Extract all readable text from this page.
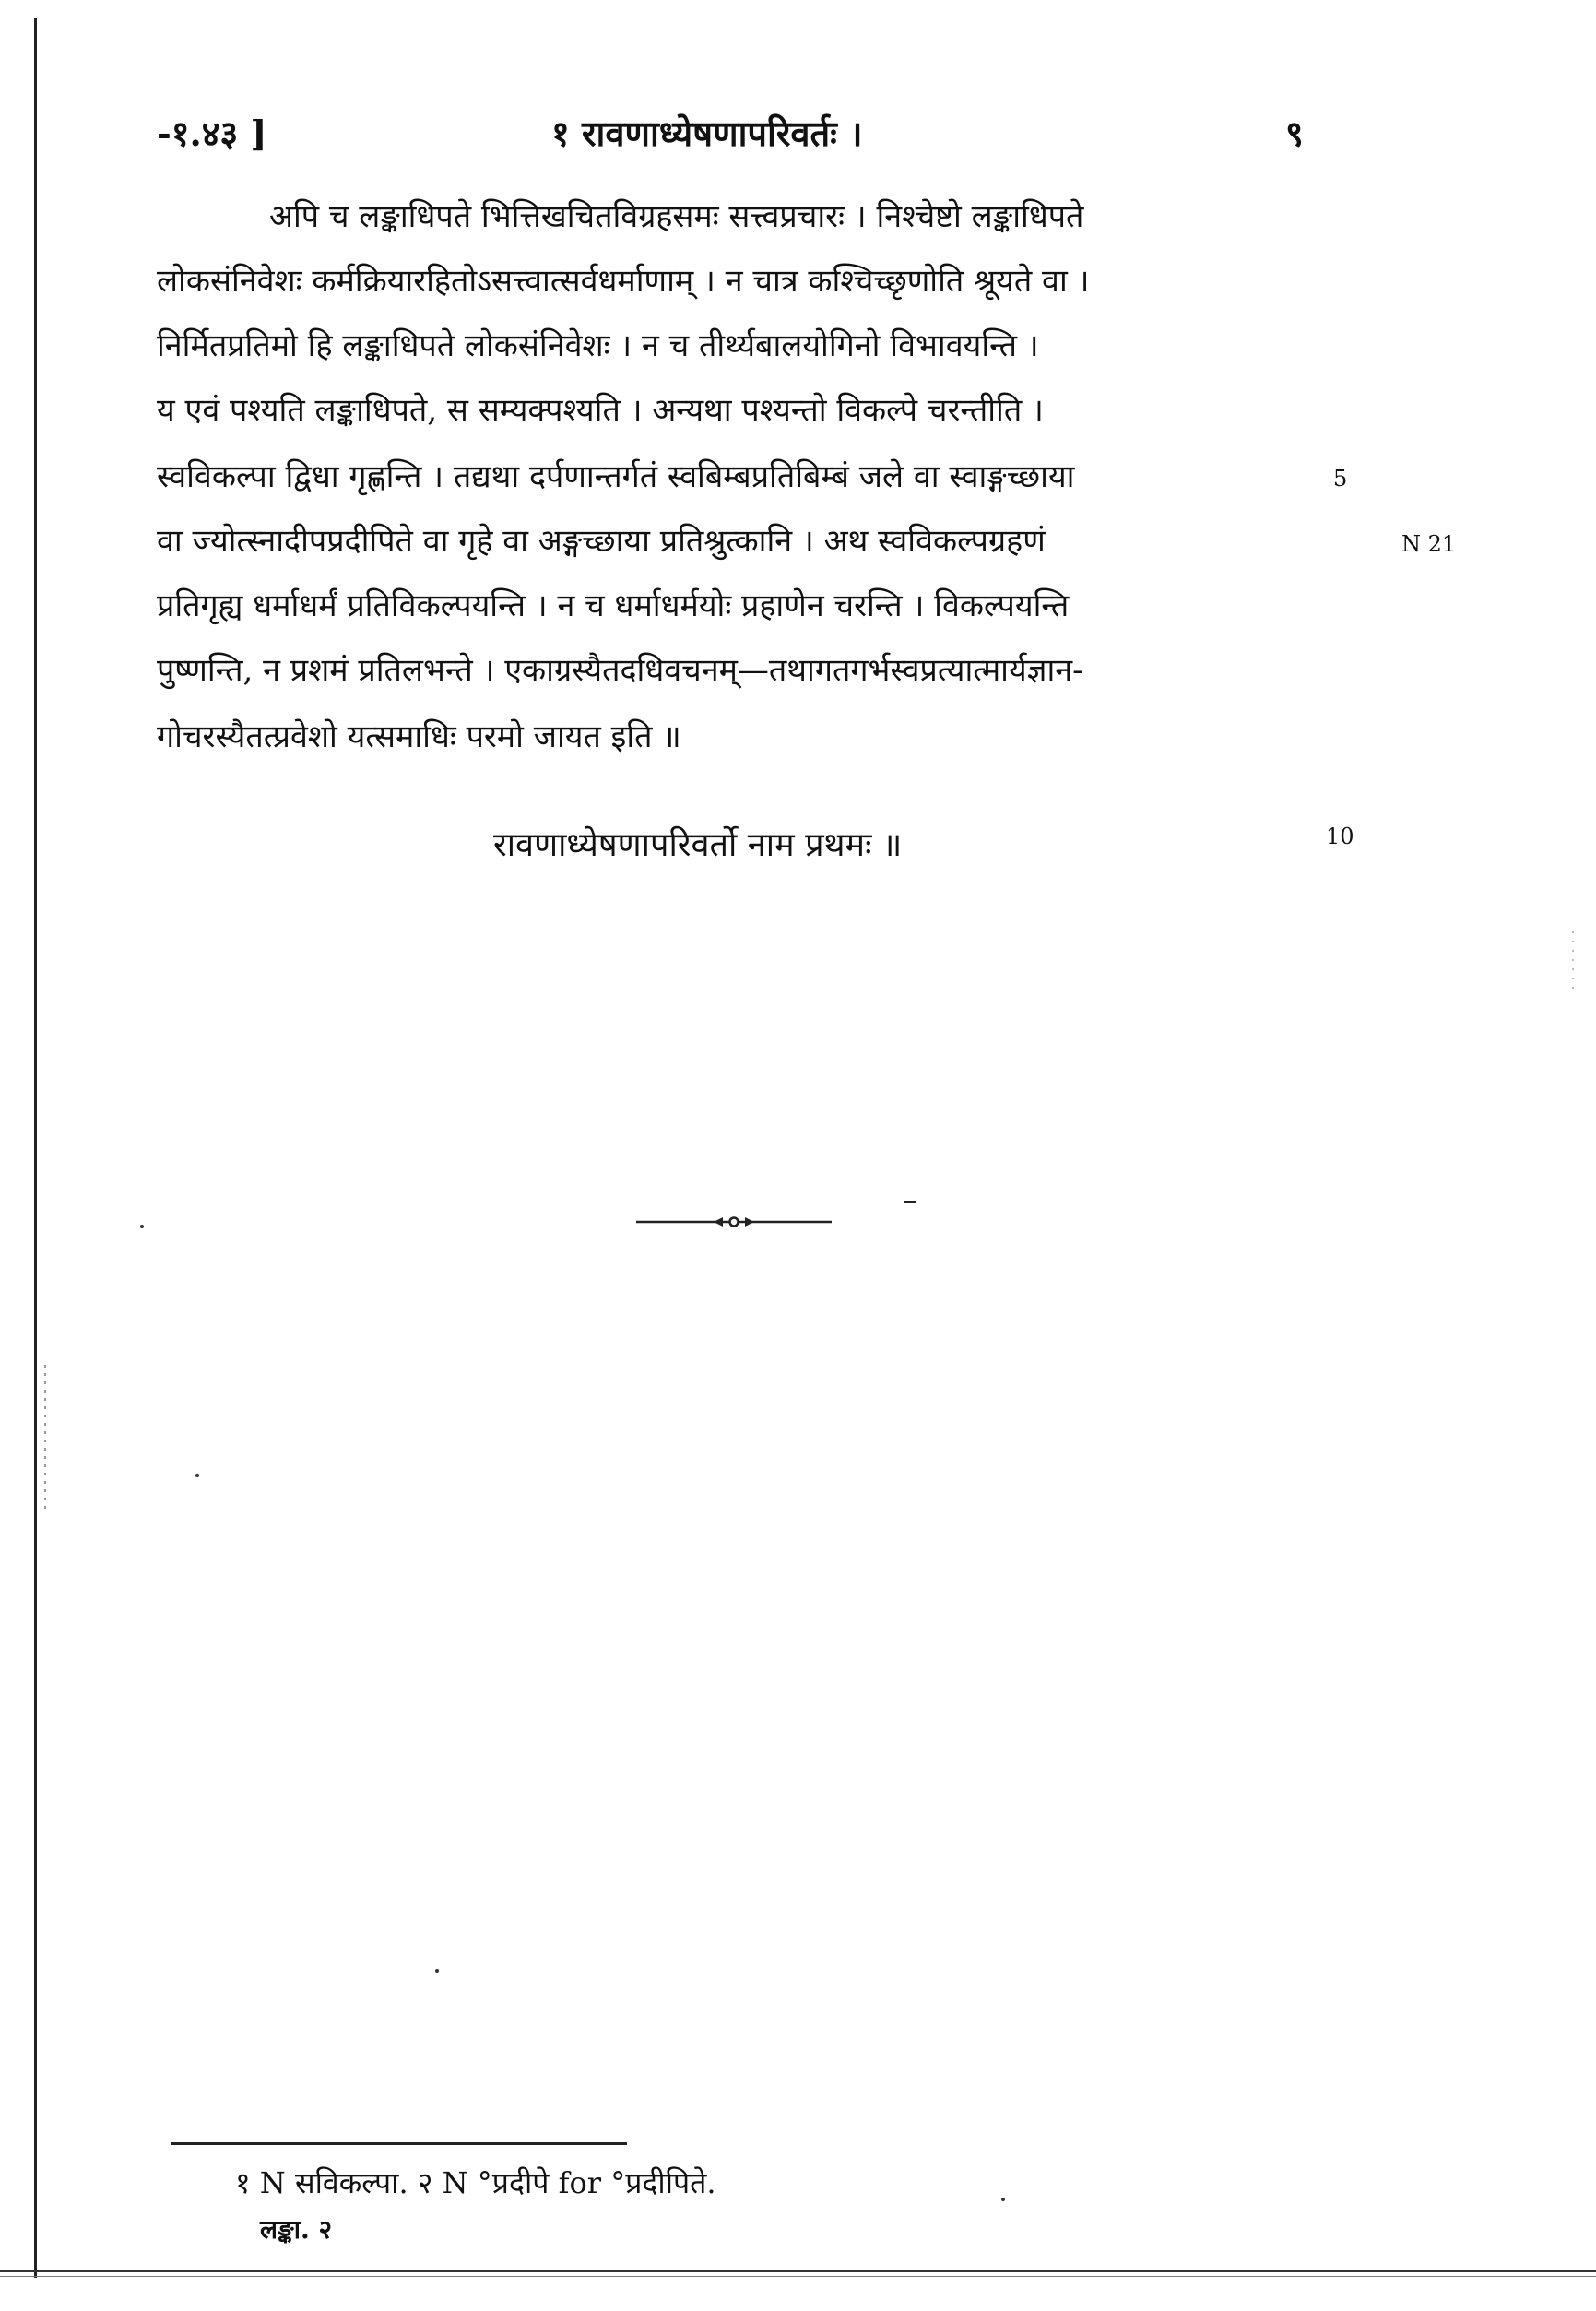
-१.४३ ]	१ रावणाध्येषणापरिवर्तः ।	९
अपि च लङ्काधिपते भित्तिखचितविग्रहसमः सत्त्वप्रचारः । निश्चेष्टो लङ्काधिपते
लोकसंनिवेशः कर्मक्रियारहितोऽसत्त्वात्सर्वधर्माणाम् । न चात्र कश्चिच्छृणोति श्रूयते वा ।
निर्मितप्रतिमो हि लङ्काधिपते लोकसंनिवेशः । न च तीर्थ्यबालयोगिनो विभावयन्ति ।
य एवं पश्यति लङ्काधिपते, स सम्यक्पश्यति । अन्यथा पश्यन्तो विकल्पे चरन्तीति ।
स्वविकल्पा द्विधा गृह्णन्ति । तद्यथा दर्पणान्तर्गतं स्वबिम्बप्रतिबिम्बं जले वा स्वाङ्गच्छाया
वा ज्योत्स्नादीपप्रदीपिते वा गृहे वा अङ्गच्छाया प्रतिश्रुत्कानि । अथ स्वविकल्पग्रहणं
प्रतिगृह्य धर्माधर्मं प्रतिविकल्पयन्ति । न च धर्माधर्मयोः प्रहाणेन चरन्ति । विकल्पयन्ति
पुष्णन्ति, न प्रशमं प्रतिलभन्ते । एकाग्रस्यैतदधिवचनम्—तथागतगर्भस्वप्रत्यात्मार्यज्ञान-
गोचरस्यैतत्प्रवेशो यत्समाधिः परमो जायत इति ॥
5
N 21
10
रावणाध्येषणापरिवर्तो नाम प्रथमः ॥
१ N सविकल्पा. २ N °प्रदीपे for °प्रदीपिते.
लङ्का. २
